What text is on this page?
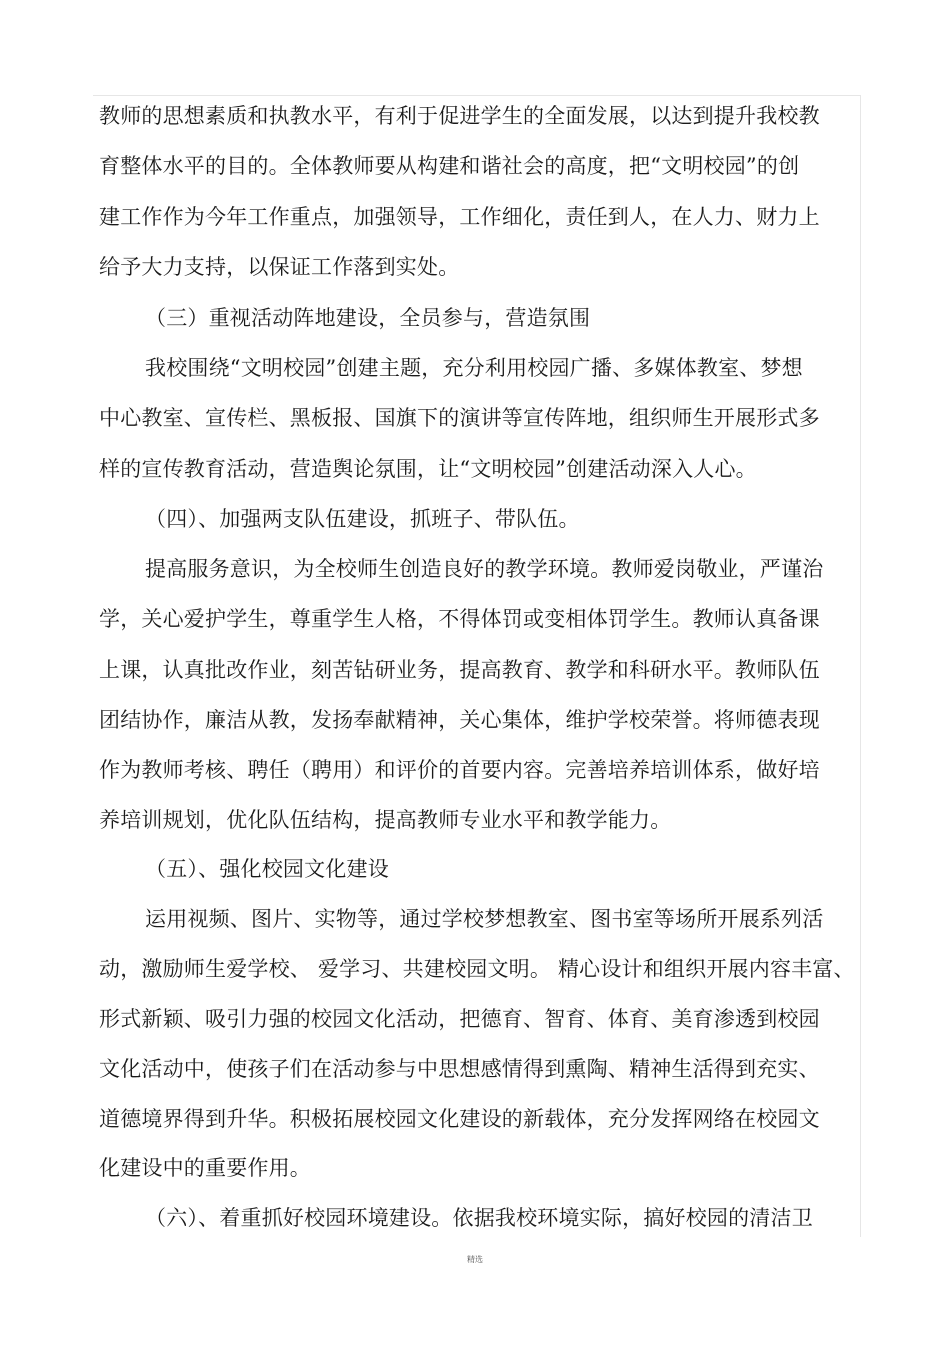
教师的思想素质和执教水平，有利于促进学生的全面发展，以达到提升我校教
育整体水平的目的。全体教师要从构建和谐社会的高度，把“文明校园”的创
建工作作为今年工作重点，加强领导，工作细化，责任到人，在人力、财力上
给予大力支持，以保证工作落到实处。
（三）重视活动阵地建设，全员参与，营造氛围
我校围绕“文明校园”创建主题，充分利用校园广播、多媒体教室、梦想
中心教室、宣传栏、黑板报、国旗下的演讲等宣传阵地，组织师生开展形式多
样的宣传教育活动，营造舆论氛围，让“文明校园”创建活动深入人心。
（四）、加强两支队伍建设，抓班子、带队伍。
提高服务意识，为全校师生创造良好的教学环境。教师爱岗敬业，严谨治
学，关心爱护学生，尊重学生人格，不得体罚或变相体罚学生。教师认真备课
上课，认真批改作业，刻苦钻研业务，提高教育、教学和科研水平。教师队伍
团结协作，廉洁从教，发扬奉献精神，关心集体，维护学校荣誉。将师德表现
作为教师考核、聘任（聘用）和评价的首要内容。完善培养培训体系，做好培
养培训规划，优化队伍结构，提高教师专业水平和教学能力。
（五）、强化校园文化建设
运用视频、图片、实物等，通过学校梦想教室、图书室等场所开展系列活
动，激励师生爱学校、 爱学习、共建校园文明。 精心设计和组织开展内容丰富、
形式新颖、吸引力强的校园文化活动，把德育、智育、体育、美育渗透到校园
文化活动中，使孩子们在活动参与中思想感情得到熏陶、精神生活得到充实、
道德境界得到升华。积极拓展校园文化建设的新载体，充分发挥网络在校园文
化建设中的重要作用。
（六）、着重抓好校园环境建设。依据我校环境实际，搞好校园的清洁卫
精选
